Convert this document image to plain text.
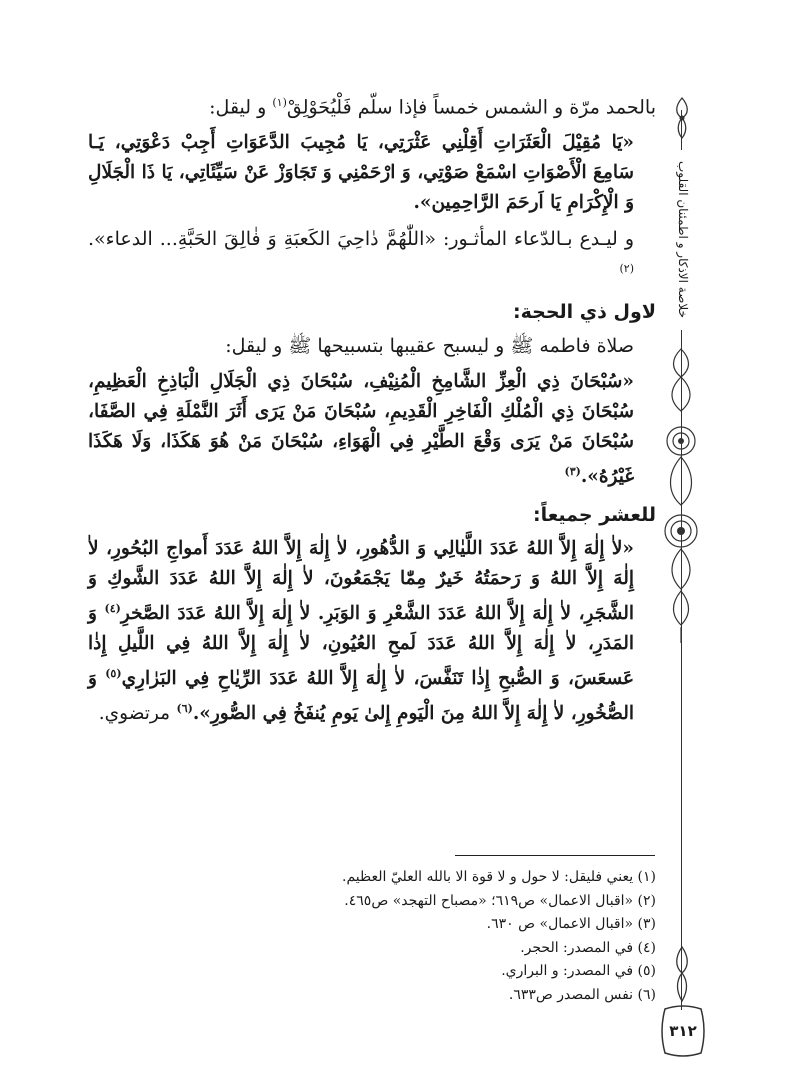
بالحمد مرّة و الشمس خمساً فإذا سلّم فَلْيُحَوْلِقْ$^{(١)}$ و ليقل:

«يَا مُقِيْلَ الْعَثَرَاتِ أَقِلْنِي عَثْرَتِي، يَا مُجِيبَ الدَّعَوَاتِ أَجِبْ دَعْوَتِي، يَـا سَامِعَ الْأَصْوَاتِ اسْمَعْ صَوْتِي، وَ ارْحَمْنِي وَ تَجَاوَزْ عَنْ سَيِّئَاتِي، يَا ذَا الْجَلَالِ وَ الْإِكْرَامِ يَا اَرحَمَ الرَّاحِمِين».

و ليـدع بـالدّعاء المأثـور: «اللّٰهُمَّ دٰاحِيَ الكَعبَةِ وَ فٰالِقَ الحَبَّةِ... الدعاء».$^{(٢)}$

لاول ذي الحجة:

صلاة فاطمه ﷺ و ليسبح عقيبها بتسبيحها ﷺ و ليقل:

«سُبْحَانَ ذِي الْعِزِّ الشَّامِخِ الْمُنِيْفِ، سُبْحَانَ ذِي الْجَلَالِ الْبَاذِخِ الْعَظِيمِ، سُبْحَانَ ذِي الْمُلْكِ الْفَاخِرِ الْقَدِيمِ، سُبْحَانَ مَنْ يَرَى أَثَرَ النَّمْلَةِ فِي الصَّفَا، سُبْحَانَ مَنْ يَرَى وَقْعَ الطَّيْرِ فِي الْهَوَاءِ، سُبْحَانَ مَنْ هُوَ هَكَذَا، وَلَا هَكَذَا غَيْرُهُ».$^{(٣)}$

للعشر جميعاً:

«لاٰ إِلٰهَ إِلاَّ اللهُ عَدَدَ اللَّيٰالِي وَ الدُّهُورِ، لاٰ إِلٰهَ إِلاَّ اللهُ عَدَدَ أَمواجِ البُحُورِ، لاٰ إِلٰهَ إِلاَّ اللهُ وَ رَحمَتُهُ خَيرٌ مِمّٰا يَجْمَعُونَ، لاٰ إِلٰهَ إِلاَّ اللهُ عَدَدَ الشَّوكِ وَ الشَّجَرِ، لاٰ إِلٰهَ إِلاَّ اللهُ عَدَدَ الشَّعْرِ وَ الوَبَرِ. لاٰ إِلٰهَ إِلاَّ اللهُ عَدَدَ الصَّخرِ$^{(٤)}$ وَ المَدَرِ، لاٰ إِلٰهَ إِلاَّ اللهُ عَدَدَ لَمحِ العُيُونِ، لاٰ إِلٰهَ إِلاَّ اللهُ فِي اللَّيلِ إِذٰا عَسعَسَ، وَ الصُّبحِ إِذٰا تَنَفَّسَ، لاٰ إِلٰهَ إِلاَّ اللهُ عَدَدَ الرِّيٰاحِ فِي البَرٰارِي$^{(٥)}$ وَ الصُّخُورِ، لاٰ إِلٰهَ إِلاَّ اللهُ مِنَ الْيَومِ إِلىٰ يَومِ يُنفَخُ فِي الصُّورِ».$^{(٦)}$ مرتضوي.

(١) يعني فليقل: لا حول و لا قوة الا بالله العليّ العظيم.
(٢) «اقبال الاعمال» ص٦١٩؛ «مصباح التهجد» ص٤٦٥.
(٣) «اقبال الاعمال» ص ٦٣٠.
(٤) في المصدر: الحجر.
(٥) في المصدر: و البراري.
(٦) نفس المصدر ص٦٣٣.
خلاصة الاذكار و اطمئنان القلوب
٣١٢
